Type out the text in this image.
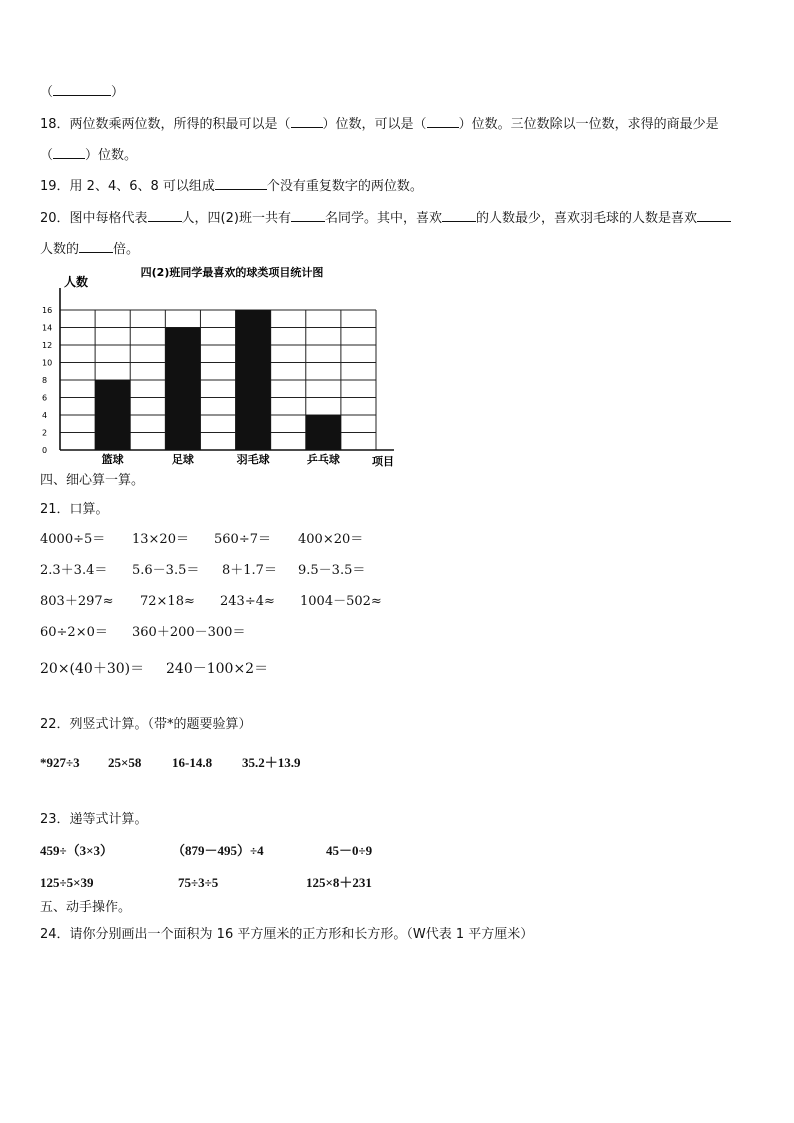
（	）
18．两位数乘两位数，所得的积最可以是（ ）位数，可以是（ ）位数。三位数除以一位数，求得的商最少是
（ ）位数。
19．用 2、4、6、8 可以组成	个没有重复数字的两位数。
20．图中每格代表	人，四(2)班一共有	名同学。其中，喜欢	的人数最少，喜欢羽毛球的人数是喜欢
人数的	倍。
四(2)班同学最喜欢的球类项目统计图
人数
项目
0
2
4
6
8
10
12
14
16
篮球	足球	羽毛球	乒乓球
四、细心算一算。
21．口算。
4000÷5＝ 13×20＝ 560÷7＝ 400×20＝
2.3＋3.4＝ 5.6－3.5＝ 8＋1.7＝ 9.5－3.5＝
803＋297≈ 72×18≈ 243÷4≈ 1004－502≈
60÷2×0＝ 360＋200－300＝
20×(40＋30)＝ 240－100×2＝
22．列竖式计算。（带*的题要验算）
*927÷3 25×58 16-14.8 35.2＋13.9
23．递等式计算。
459÷（3×3）	（879－495）÷4	45－0÷9
125÷5×39	75÷3÷5	125×8＋231
五、动手操作。
24．请你分别画出一个面积为 16 平方厘米的正方形和长方形。（W代表 1 平方厘米）
